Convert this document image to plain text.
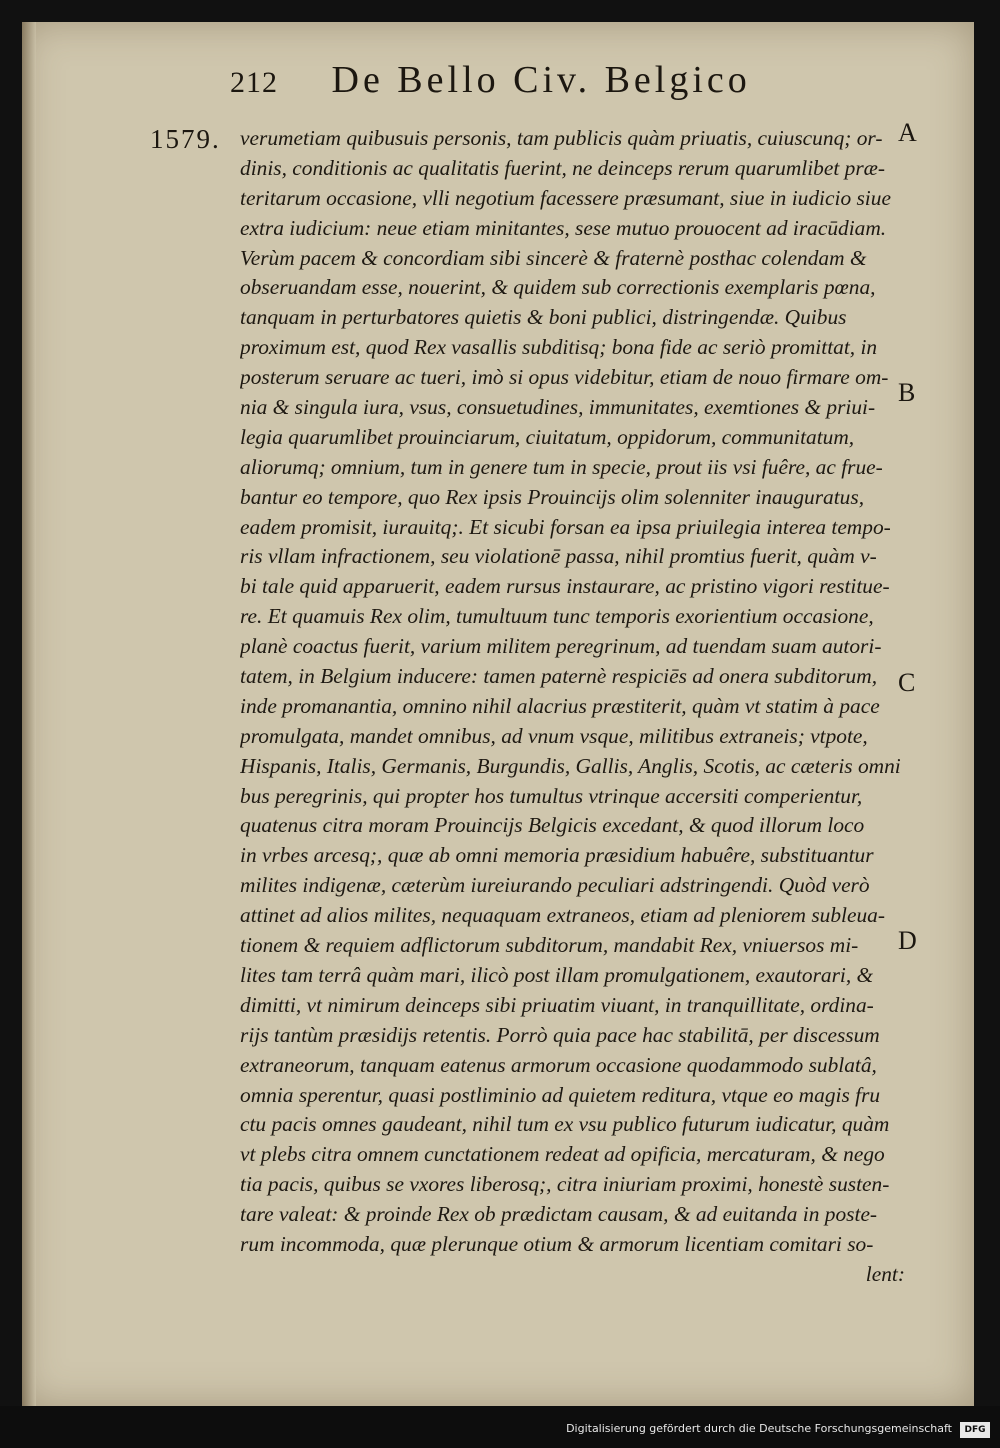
212 De Bello Civ. Belgico
1579. verumetiam quibusuis personis, tam publicis quàm priuatis, cuiuscunq; or-
dinis, conditionis ac qualitatis fuerint, ne deinceps rerum quarumlibet præ-
teritarum occasione, vlli negotium facessere præsumant, siue in iudicio siue
extra iudicium: neue etiam minitantes, sese mutuo prouocent ad iracūdiam.
Verùm pacem & concordiam sibi sincerè & fraternè posthac colendam &
obseruandam esse, nouerint, & quidem sub correctionis exemplaris pœna,
tanquam in perturbatores quietis & boni publici, distringendæ. Quibus
proximum est, quod Rex vasallis subditisq; bona fide ac seriò promittat, in
posterum seruare ac tueri, imò si opus videbitur, etiam de nouo firmare om-
nia & singula iura, vsus, consuetudines, immunitates, exemtiones & priui-
legia quarumlibet prouinciarum, ciuitatum, oppidorum, communitatum,
aliorumq; omnium, tum in genere tum in specie, prout iis vsi fuêre, ac frue-
bantur eo tempore, quo Rex ipsis Prouincijs olim solenniter inauguratus,
eadem promisit, iurauitq;. Et sicubi forsan ea ipsa priuilegia interea tempo-
ris vllam infractionem, seu violationē passa, nihil promtius fuerit, quàm v-
bi tale quid apparuerit, eadem rursus instaurare, ac pristino vigori restitue-
re. Et quamuis Rex olim, tumultuum tunc temporis exorientium occasione,
planè coactus fuerit, varium militem peregrinum, ad tuendam suam autori-
tatem, in Belgium inducere: tamen paternè respiciēs ad onera subditorum,
inde promanantia, omnino nihil alacrius præstiterit, quàm vt statim à pace
promulgata, mandet omnibus, ad vnum vsque, militibus extraneis; vtpote,
Hispanis, Italis, Germanis, Burgundis, Gallis, Anglis, Scotis, ac cæteris omni
bus peregrinis, qui propter hos tumultus vtrinque accersiti comperientur,
quatenus citra moram Prouincijs Belgicis excedant, & quod illorum loco
in vrbes arcesq;, quæ ab omni memoria præsidium habuêre, substituantur
milites indigenæ, cæterùm iureiurando peculiari adstringendi. Quòd verò
attinet ad alios milites, nequaquam extraneos, etiam ad pleniorem subleua-
tionem & requiem adflictorum subditorum, mandabit Rex, vniuersos mi-
lites tam terrâ quàm mari, ilicò post illam promulgationem, exautorari, &
dimitti, vt nimirum deinceps sibi priuatim viuant, in tranquillitate, ordina-
rijs tantùm præsidijs retentis. Porrò quia pace hac stabilitā, per discessum
extraneorum, tanquam eatenus armorum occasione quodammodo sublatâ,
omnia sperentur, quasi postliminio ad quietem reditura, vtque eo magis fru
ctu pacis omnes gaudeant, nihil tum ex vsu publico futurum iudicatur, quàm
vt plebs citra omnem cunctationem redeat ad opificia, mercaturam, & nego
tia pacis, quibus se vxores liberosq;, citra iniuriam proximi, honestè susten-
tare valeat: & proinde Rex ob prædictam causam, & ad euitanda in poste-
rum incommoda, quæ plerunque otium & armorum licentiam comitari so-
lent:
A
B
C
D
Digitalisierung gefördert durch die Deutsche Forschungsgemeinschaft	DFG
